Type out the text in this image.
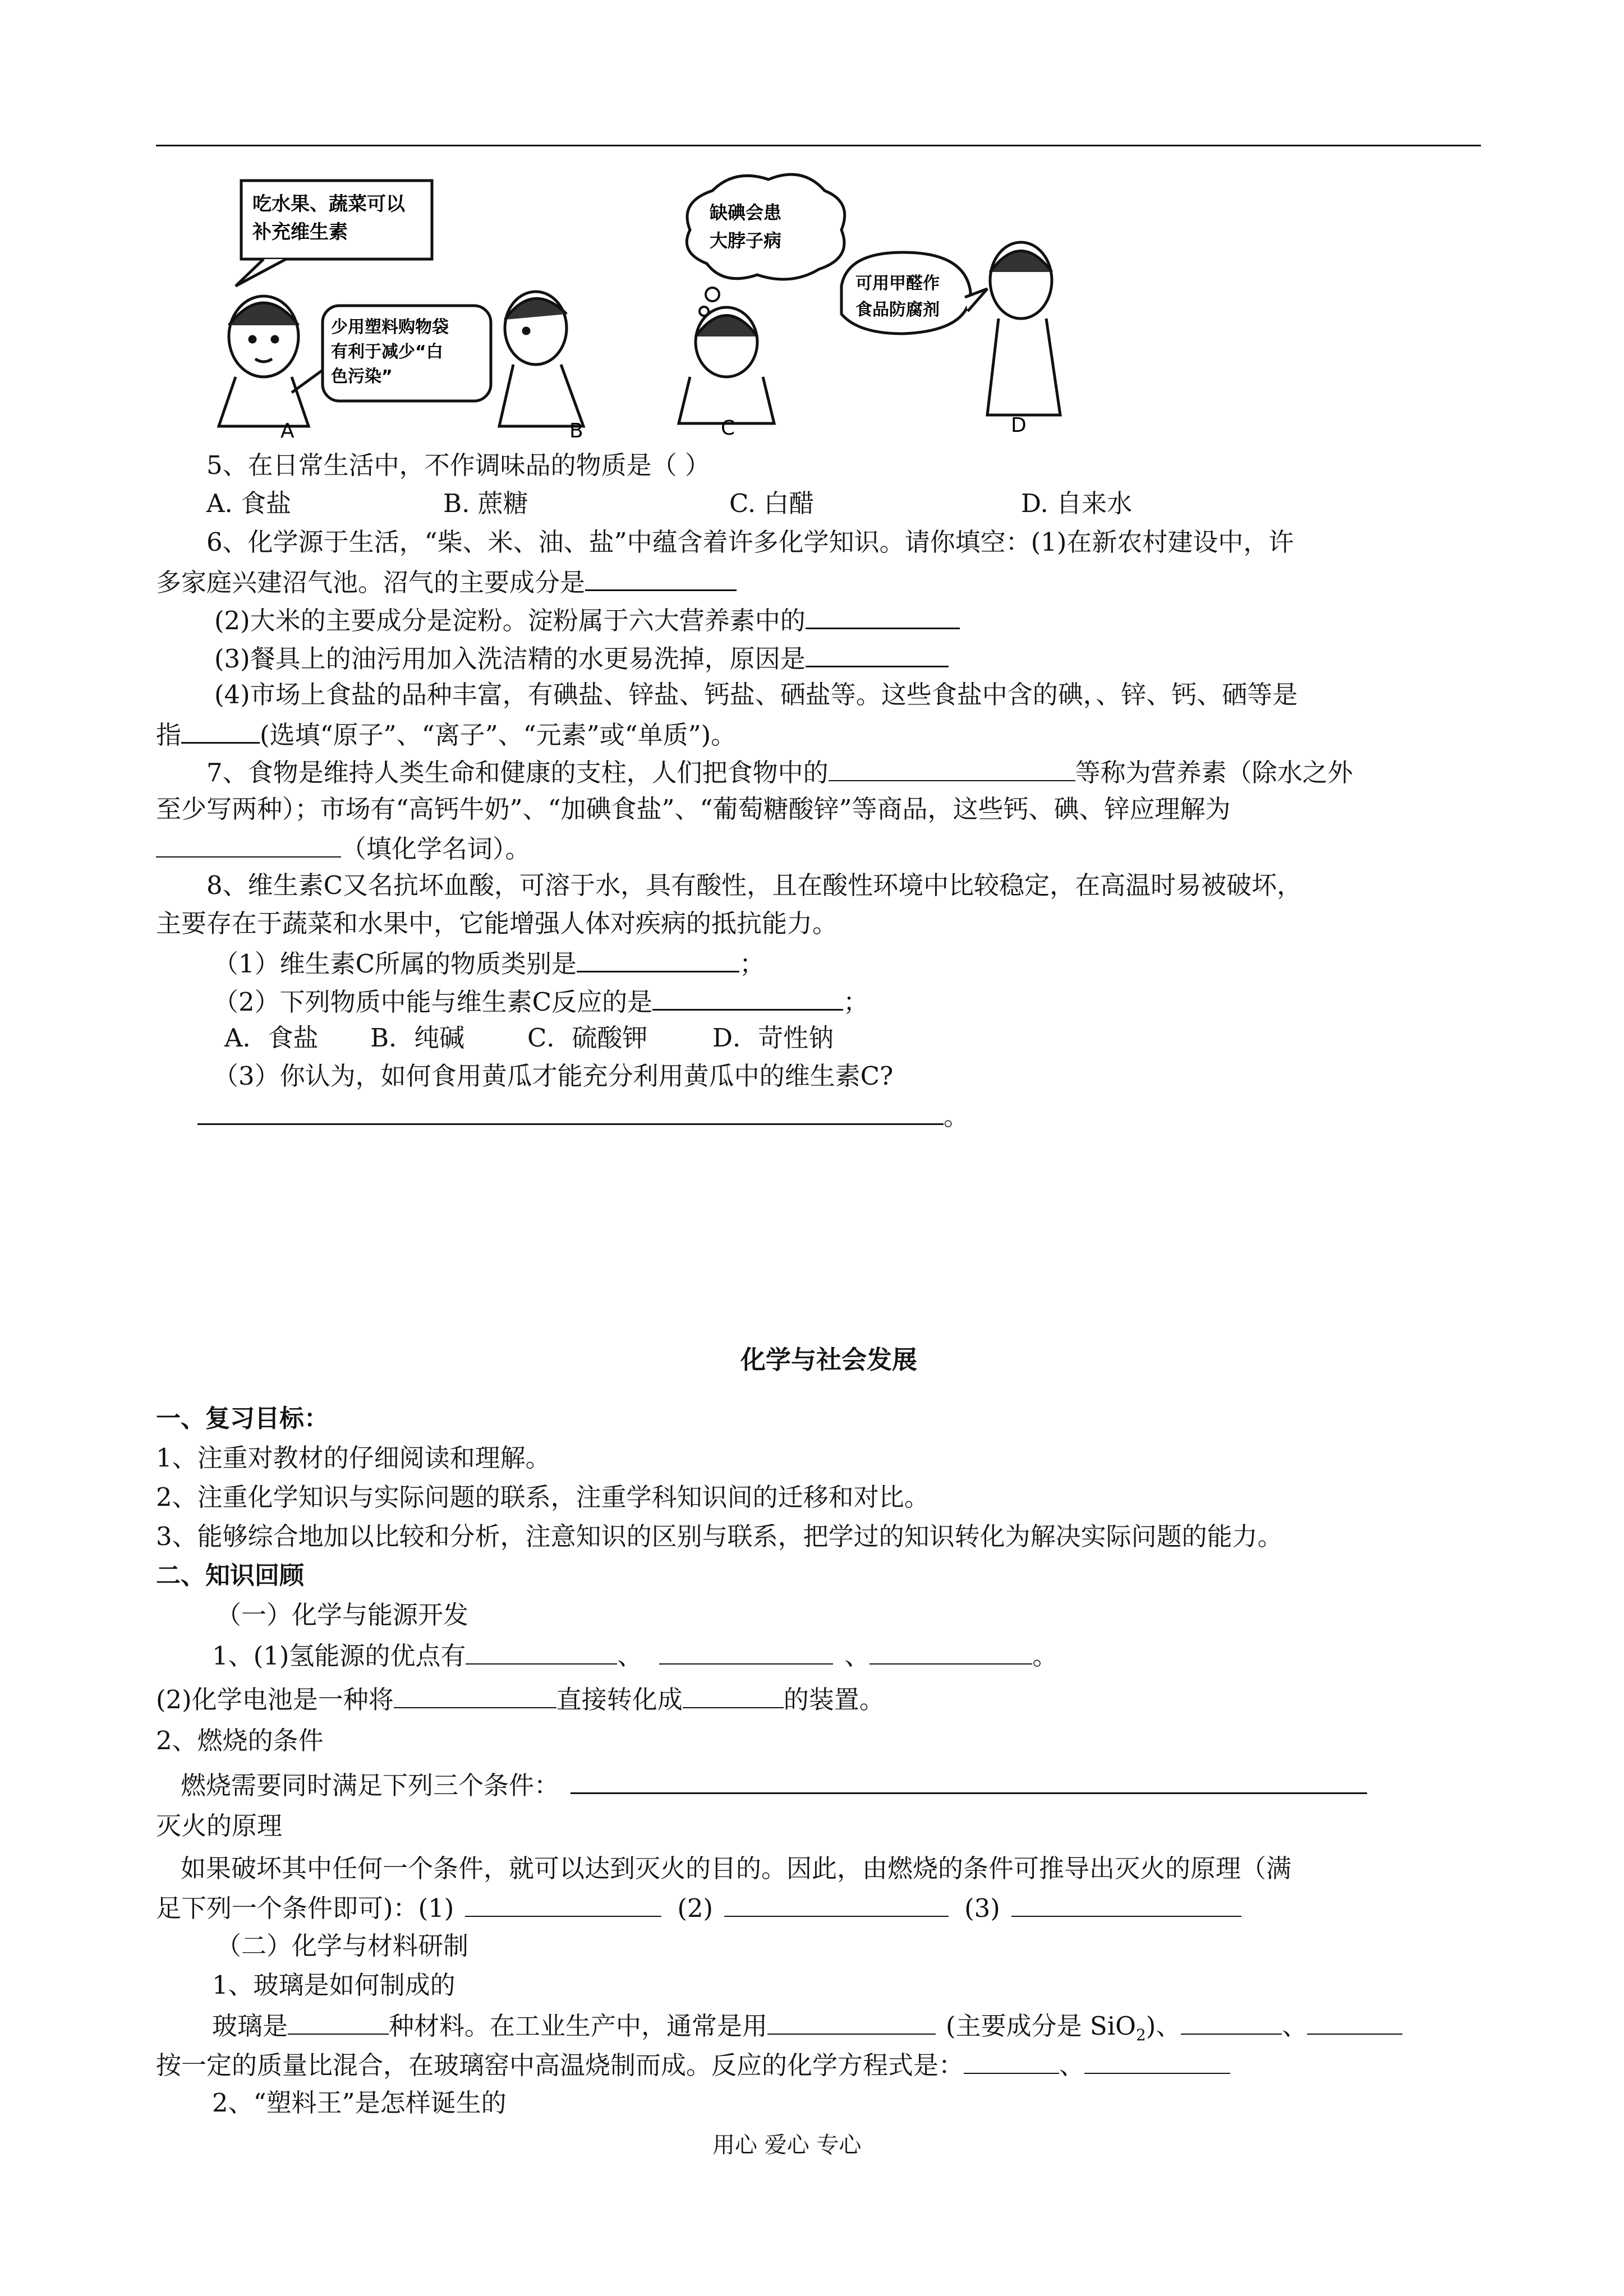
吃水果、蔬菜可以
补充维生素
少用塑料购物袋
有利于减少“白
色污染”
缺碘会患
大脖子病
可用甲醛作
食品防腐剂
A	B	C	D
5、在日常生活中，不作调味品的物质是（ ）
A. 食盐	B. 蔗糖	C. 白醋	D. 自来水
6、化学源于生活，“柴、米、油、盐”中蕴含着许多化学知识。请你填空：(1)在新农村建设中，许
多家庭兴建沼气池。沼气的主要成分是
(2)大米的主要成分是淀粉。淀粉属于六大营养素中的
(3)餐具上的油污用加入洗洁精的水更易洗掉，原因是
(4)市场上食盐的品种丰富，有碘盐、锌盐、钙盐、硒盐等。这些食盐中含的碘，、锌、钙、硒等是
指	(选填“原子”、“离子”、“元素”或“单质”)。
7、食物是维持人类生命和健康的支柱，人们把食物中的	等称为营养素（除水之外
至少写两种）；市场有“高钙牛奶”、“加碘食盐”、“葡萄糖酸锌”等商品，这些钙、碘、锌应理解为
（填化学名词）。
8、维生素C又名抗坏血酸，可溶于水，具有酸性，且在酸性环境中比较稳定，在高温时易被破坏，
主要存在于蔬菜和水果中，它能增强人体对疾病的抵抗能力。
（1）维生素C所属的物质类别是	；
（2）下列物质中能与维生素C反应的是	；
A．食盐 B．纯碱 C．硫酸钾	D．苛性钠
（3）你认为，如何食用黄瓜才能充分利用黄瓜中的维生素C?
。
化学与社会发展
一、复习目标：
1、注重对教材的仔细阅读和理解。
2、注重化学知识与实际问题的联系，注重学科知识间的迁移和对比。
3、能够综合地加以比较和分析，注意知识的区别与联系，把学过的知识转化为解决实际问题的能力。
二、知识回顾
（一）化学与能源开发
1、(1)氢能源的优点有	、	、	。
(2)化学电池是一种将	直接转化成	的装置。
2、燃烧的条件
燃烧需要同时满足下列三个条件：
灭火的原理
如果破坏其中任何一个条件，就可以达到灭火的目的。因此，由燃烧的条件可推导出灭火的原理（满
足下列一个条件即可)：(1)	(2)	(3)
（二）化学与材料研制
1、玻璃是如何制成的
玻璃是	种材料。在工业生产中，通常是用	(主要成分是 SiO$_2$)、	、
按一定的质量比混合，在玻璃窑中高温烧制而成。反应的化学方程式是：	、
2、“塑料王”是怎样诞生的
用心 爱心 专心
